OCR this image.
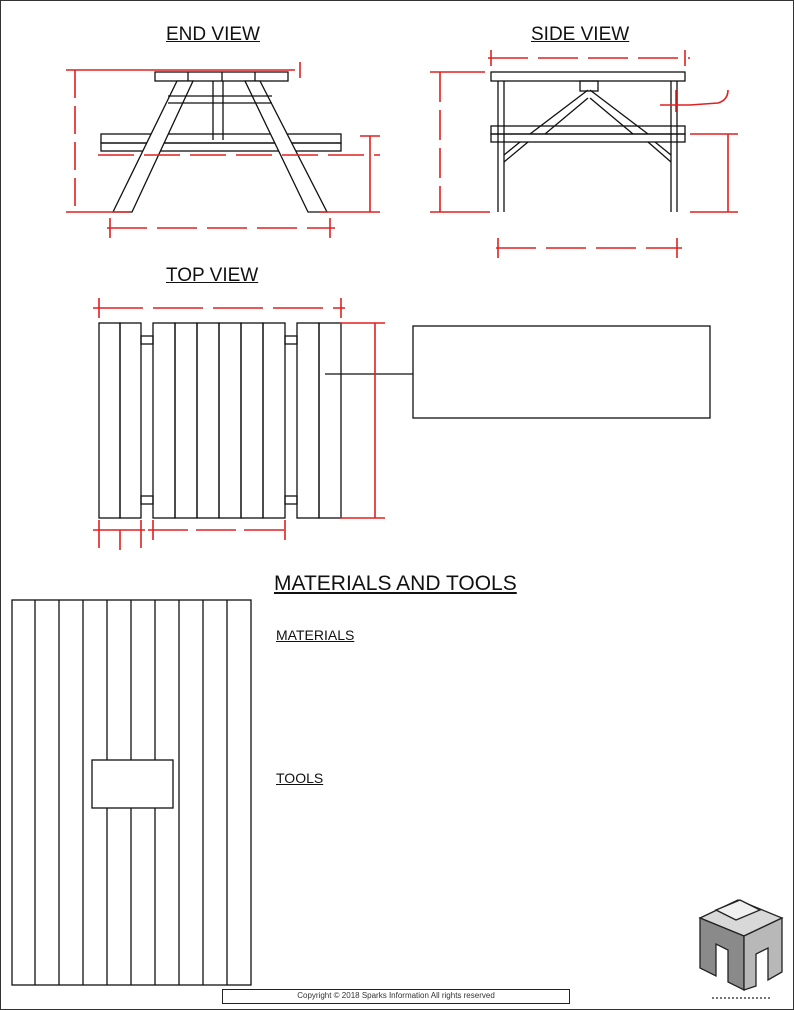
END VIEW	SIDE VIEW
TOP VIEW
MATERIALS AND TOOLS
MATERIALS
TOOLS
Copyright © 2018 Sparks Information All rights reserved
